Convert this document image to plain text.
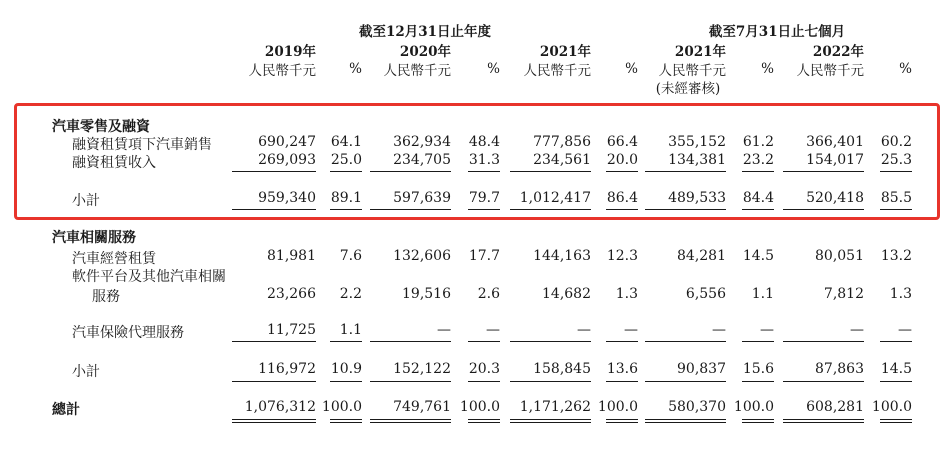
截至12月31日止年度	截至7月31日止七個月
2019年	2020年	2021年	2021年	2022年
人民幣千元	%	人民幣千元	%	人民幣千元	%	人民幣千元	%	人民幣千元	%
(未經審核)
汽車零售及融資
融資租賃項下汽車銷售	690,247	64.1	362,934	48.4	777,856	66.4	355,152	61.2	366,401	60.2
融資租賃收入	269,093	25.0	234,705	31.3	234,561	20.0	134,381	23.2	154,017	25.3
小計	959,340	89.1	597,639	79.7	1,012,417	86.4	489,533	84.4	520,418	85.5
汽車相關服務
汽車經營租賃	81,981	7.6	132,606	17.7	144,163	12.3	84,281	14.5	80,051	13.2
軟件平台及其他汽車相關
服務	23,266	2.2	19,516	2.6	14,682	1.3	6,556	1.1	7,812	1.3
汽車保險代理服務	11,725	1.1	—	—	—	—	—	—	—	—
小計	116,972	10.9	152,122	20.3	158,845	13.6	90,837	15.6	87,863	14.5
總計	1,076,312 100.0	749,761 100.0	1,171,262 100.0	580,370 100.0	608,281 100.0
